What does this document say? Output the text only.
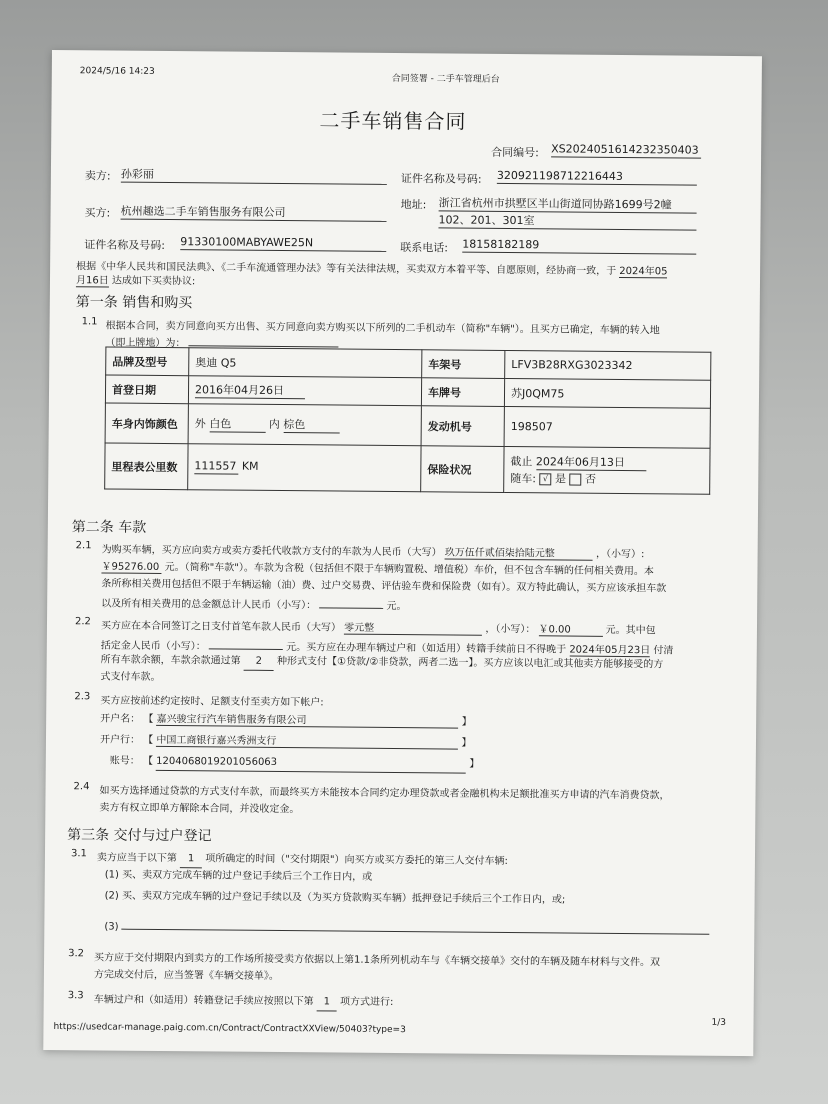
2024/5/16 14:23
合同签署 - 二手车管理后台
二手车销售合同
合同编号: XS2024051614232350403
卖方: 孙彩丽	证件名称及号码: 320921198712216443
买方: 杭州趣选二手车销售服务有限公司	地址: 浙江省杭州市拱墅区半山街道同协路1699号2幢
102、201、301室
证件名称及号码: 91330100MABYAWE25N	联系电话: 18158182189
根据《中华人民共和国民法典》、《二手车流通管理办法》等有关法律法规，买卖双方本着平等、自愿原则，经协商一致，于 2024年05
月16日 达成如下买卖协议:
第一条 销售和购买
1.1 根据本合同，卖方同意向买方出售、买方同意向卖方购买以下所列的二手机动车（简称"车辆"）。且买方已确定，车辆的转入地
（即上牌地）为：
品牌及型号	奥迪 Q5	车架号	LFV3B28RXG3023342
首登日期	2016年04月26日	车牌号	苏J0QM75
车身内饰颜色	外 白色 内 棕色	发动机号	198507
里程表公里数	111557 KM	保险状况	截止 2024年06月13日
随车: √ 是 否
第二条 车款
2.1 为购买车辆，买方应向卖方或卖方委托代收款方支付的车款为人民币（大写） 玖万伍仟贰佰柒拾陆元整	，（小写）:
￥95276.00 元。（简称"车款"）。车款为含税（包括但不限于车辆购置税、增值税）车价，但不包含车辆的任何相关费用。本
条所称相关费用包括但不限于车辆运输（油）费、过户交易费、评估验车费和保险费（如有）。双方特此确认，买方应该承担车款
以及所有相关费用的总金额总计人民币（小写）：	元。
2.2 买方应在本合同签订之日支付首笔车款人民币（大写） 零元整	，（小写）： ￥0.00	元。其中包
括定金人民币（小写）：	元。买方应在办理车辆过户和（如适用）转籍手续前日不得晚于 2024年05月23日 付清
所有车款余额，车款余款通过第 2 种形式支付【①贷款/②非贷款，两者二选一】。买方应该以电汇或其他卖方能够接受的方
式支付车款。
2.3 买方应按前述约定按时、足额支付至卖方如下帐户:
开户名： 【 嘉兴骏宝行汽车销售服务有限公司	】
开户行： 【 中国工商银行嘉兴秀洲支行	】
账号： 【 1204068019201056063	】
2.4 如买方选择通过贷款的方式支付车款，而最终买方未能按本合同约定办理贷款或者金融机构未足额批准买方申请的汽车消费贷款，
卖方有权立即单方解除本合同，并没收定金。
第三条 交付与过户登记
3.1 卖方应当于以下第 1 项所确定的时间（"交付期限"）向买方或买方委托的第三人交付车辆:
(1) 买、卖双方完成车辆的过户登记手续后三个工作日内，或
(2) 买、卖双方完成车辆的过户登记手续以及（为买方贷款购买车辆）抵押登记手续后三个工作日内，或;
(3)
3.2 买方应于交付期限内到卖方的工作场所接受卖方依据以上第1.1条所列机动车与《车辆交接单》交付的车辆及随车材料与文件。双
方完成交付后，应当签署《车辆交接单》。
3.3 车辆过户和（如适用）转籍登记手续应按照以下第 1 项方式进行:
https://usedcar-manage.paig.com.cn/Contract/ContractXXView/50403?type=3	1/3
